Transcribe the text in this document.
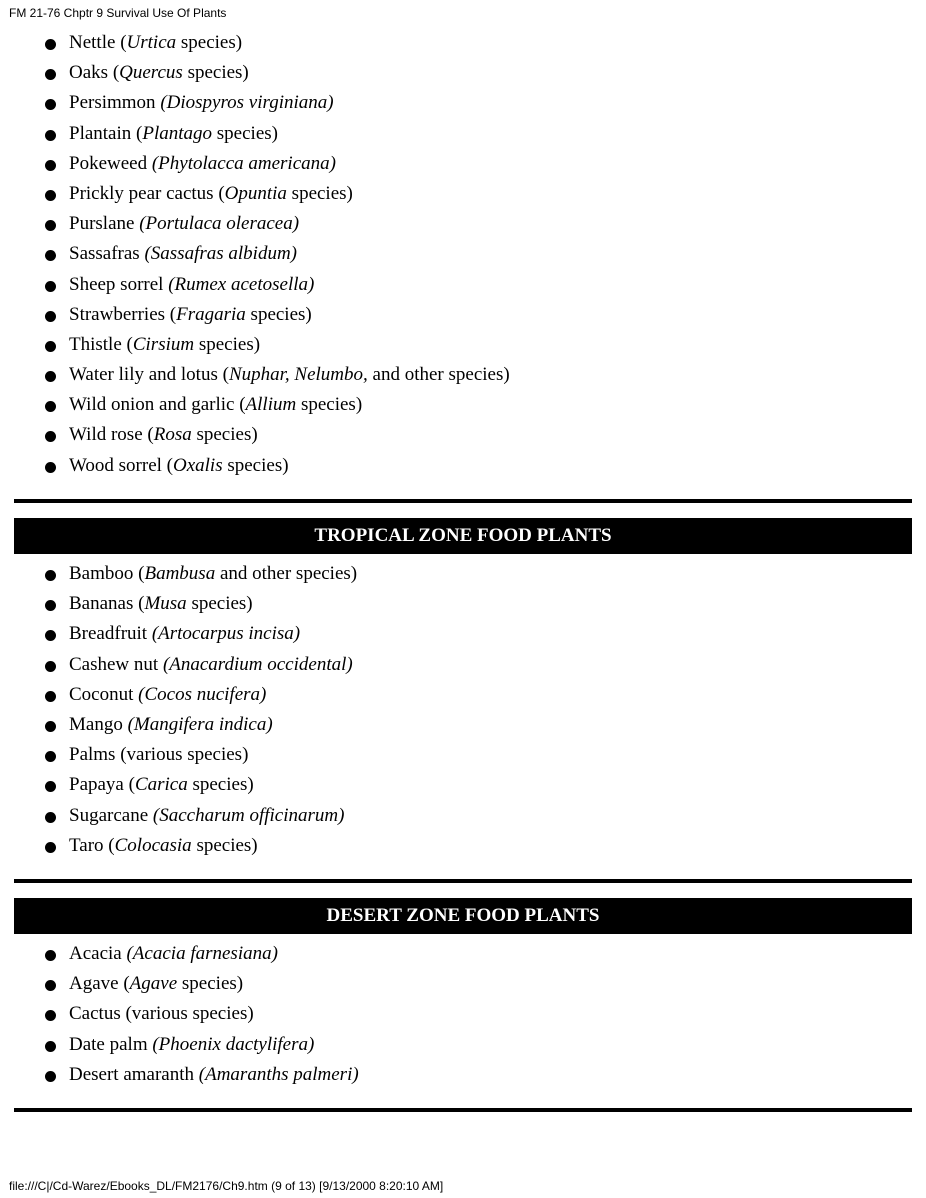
FM 21-76 Chptr 9 Survival Use Of Plants
Nettle (Urtica species)
Oaks (Quercus species)
Persimmon (Diospyros virginiana)
Plantain (Plantago species)
Pokeweed (Phytolacca americana)
Prickly pear cactus (Opuntia species)
Purslane (Portulaca oleracea)
Sassafras (Sassafras albidum)
Sheep sorrel (Rumex acetosella)
Strawberries (Fragaria species)
Thistle (Cirsium species)
Water lily and lotus (Nuphar, Nelumbo, and other species)
Wild onion and garlic (Allium species)
Wild rose (Rosa species)
Wood sorrel (Oxalis species)
TROPICAL ZONE FOOD PLANTS
Bamboo (Bambusa and other species)
Bananas (Musa species)
Breadfruit (Artocarpus incisa)
Cashew nut (Anacardium occidental)
Coconut (Cocos nucifera)
Mango (Mangifera indica)
Palms (various species)
Papaya (Carica species)
Sugarcane (Saccharum officinarum)
Taro (Colocasia species)
DESERT ZONE FOOD PLANTS
Acacia (Acacia farnesiana)
Agave (Agave species)
Cactus (various species)
Date palm (Phoenix dactylifera)
Desert amaranth (Amaranths palmeri)
file:///C|/Cd-Warez/Ebooks_DL/FM2176/Ch9.htm (9 of 13) [9/13/2000 8:20:10 AM]
